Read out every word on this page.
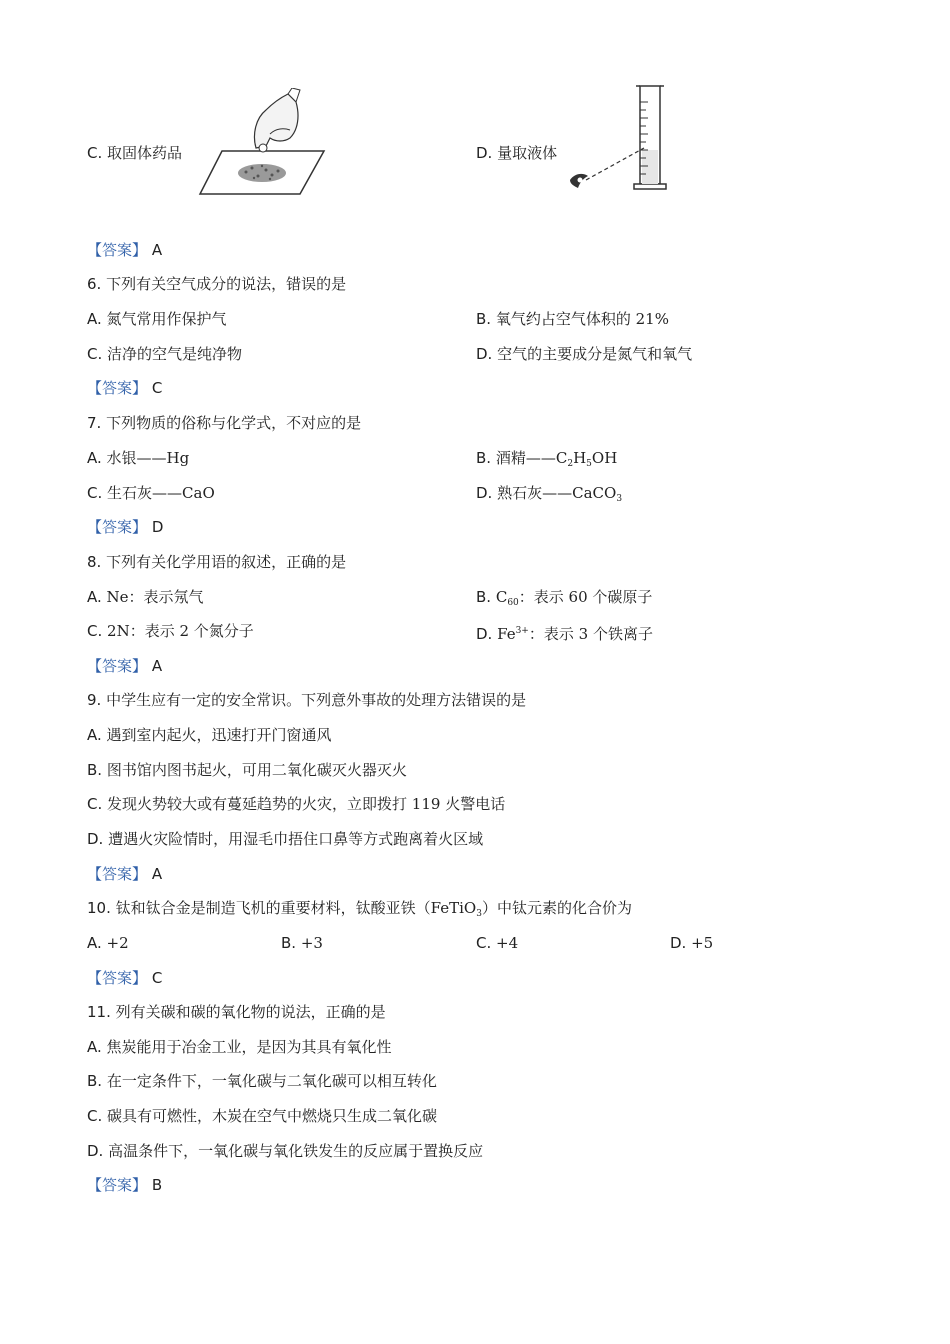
C. 取固体药品	D. 量取液体
【答案】 A
6. 下列有关空气成分的说法，错误的是
A. 氮气常用作保护气	B. 氧气约占空气体积的 21%
C. 洁净的空气是纯净物	D. 空气的主要成分是氮气和氧气
【答案】 C
7. 下列物质的俗称与化学式，不对应的是
A. 水银——Hg	B. 酒精$——C_2H_5OH$
C. 生石灰——CaO	D. 熟石灰——CaCO$_3$
【答案】 D
8. 下列有关化学用语的叙述，正确的是
A. Ne：表示氖气	B. $C_{60}$：表示 60 个碳原子
C. 2N：表示 2 个氮分子	D. $Fe^{3+}$：表示 3 个铁离子
【答案】 A
9. 中学生应有一定的安全常识。下列意外事故的处理方法错误的是
A. 遇到室内起火，迅速打开门窗通风
B. 图书馆内图书起火，可用二氧化碳灭火器灭火
C. 发现火势较大或有蔓延趋势的火灾，立即拨打 119 火警电话
D. 遭遇火灾险情时，用湿毛巾捂住口鼻等方式跑离着火区域
【答案】 A
10. 钛和钛合金是制造飞机的重要材料，钛酸亚铁（FeTiO$_3$）中钛元素的化合价为
A. +2	B. +3	C. +4	D. +5
【答案】 C
11. 列有关碳和碳的氧化物的说法，正确的是
A. 焦炭能用于冶金工业，是因为其具有氧化性
B. 在一定条件下，一氧化碳与二氧化碳可以相互转化
C. 碳具有可燃性，木炭在空气中燃烧只生成二氧化碳
D. 高温条件下，一氧化碳与氧化铁发生的反应属于置换反应
【答案】 B
